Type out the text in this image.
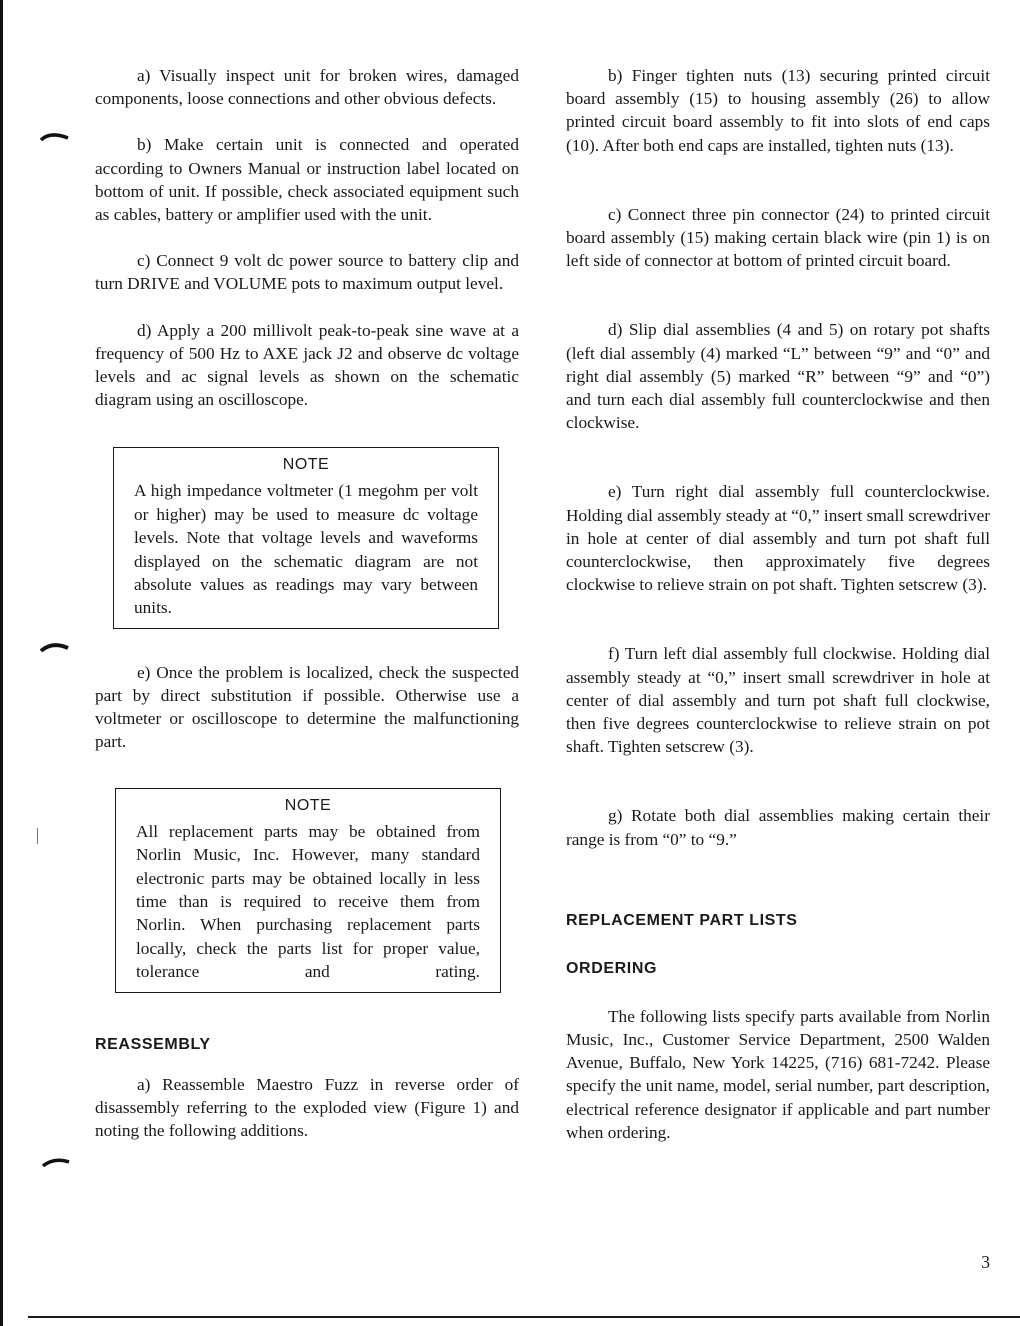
a) Visually inspect unit for broken wires, damaged components, loose connections and other obvious defects.

b) Make certain unit is connected and operated according to Owners Manual or instruction label located on bottom of unit. If possible, check associated equipment such as cables, battery or amplifier used with the unit.

c) Connect 9 volt dc power source to battery clip and turn DRIVE and VOLUME pots to maximum output level.

d) Apply a 200 millivolt peak-to-peak sine wave at a frequency of 500 Hz to AXE jack J2 and observe dc voltage levels and ac signal levels as shown on the schematic diagram using an oscilloscope.

NOTE

A high impedance voltmeter (1 megohm per volt or higher) may be used to measure dc voltage levels. Note that voltage levels and waveforms displayed on the schematic diagram are not absolute values as readings may vary between units.

e) Once the problem is localized, check the suspected part by direct substitution if possible. Otherwise use a voltmeter or oscilloscope to determine the malfunctioning part.

NOTE

All replacement parts may be obtained from Norlin Music, Inc. However, many standard electronic parts may be obtained locally in less time than is required to receive them from Norlin. When purchasing replacement parts locally, check the parts list for proper value, tolerance and rating.

REASSEMBLY

a) Reassemble Maestro Fuzz in reverse order of disassembly referring to the exploded view (Figure 1) and noting the following additions.

b) Finger tighten nuts (13) securing printed circuit board assembly (15) to housing assembly (26) to allow printed circuit board assembly to fit into slots of end caps (10). After both end caps are installed, tighten nuts (13).

c) Connect three pin connector (24) to printed circuit board assembly (15) making certain black wire (pin 1) is on left side of connector at bottom of printed circuit board.

d) Slip dial assemblies (4 and 5) on rotary pot shafts (left dial assembly (4) marked “L” between “9” and “0” and right dial assembly (5) marked “R” between “9” and “0”) and turn each dial assembly full counterclockwise and then clockwise.

e) Turn right dial assembly full counterclockwise. Holding dial assembly steady at “0,” insert small screwdriver in hole at center of dial assembly and turn pot shaft full counterclockwise, then approximately five degrees clockwise to relieve strain on pot shaft. Tighten setscrew (3).

f) Turn left dial assembly full clockwise. Holding dial assembly steady at “0,” insert small screwdriver in hole at center of dial assembly and turn pot shaft full clockwise, then five degrees counterclockwise to relieve strain on pot shaft. Tighten setscrew (3).

g) Rotate both dial assemblies making certain their range is from “0” to “9.”

REPLACEMENT PART LISTS

ORDERING

The following lists specify parts available from Norlin Music, Inc., Customer Service Department, 2500 Walden Avenue, Buffalo, New York 14225, (716) 681-7242. Please specify the unit name, model, serial number, part description, electrical reference designator if applicable and part number when ordering.

3
